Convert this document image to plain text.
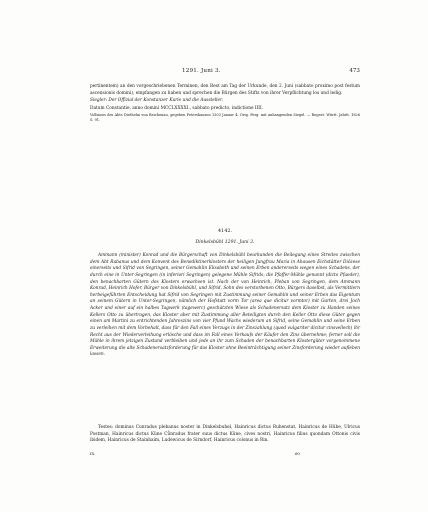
1291. Juni 3.	473

pertinentem) an den vorgeschriebenen Terminen, den Rest am Tag der Urkunde, den 2. Juni (sabbato proximo post festum ascensionis domini), empfangen zu haben und sprechen die Bürgen des Stifts von ihrer Verpflichtung los und ledig.

Siegler: Der Offizial der Konstanzer Kurie und die Aussteller.

Datum Constantie, anno domini MCCLXXXXI., sabbato predicto, indictione IIII.

Vollmoos des Abts Diethelm von Reichenau, gegeben Petershausen 1303 Januar 4. Orig. Perg. mit anhangenden Siegel. — Regest: Württ. Jahrb. 1826 S. 91.

4142.
Dinkelsbühl 1291. Juni 3.

Ammann (minister) Konrad und die Bürgerschaft von Dinkelsbühl beurkunden die Beilegung eines Streites zwischen dem Abt Rabanus und dem Konvent des Benediktinerklosters der heiligen Jungfrau Maria in Ahausen Eichstätter Diözese einerseits und Sifrid von Segringen, seiner Gemahlin Elisabeth und seinen Erben andererseits wegen eines Schadens, der durch eine in Unter-Segringen (in inferiori Segringen) gelegene Mühle Sifrids, die Pfaffer-Mühle genannt (dicto Pfaeder), den benachbarten Gütern des Klosters erwachsen ist. Nach der von Heinrich, Pleban von Segringen, dem Ammann Konrad, Heinrich Hofer, Bürger von Dinkelsbühl, und Sifrid, Sohn des verstorbenen Otto, Bürgers daselbst, als Vermittlern herbeigeführten Entscheidung hat Sifrid von Segringen mit Zustimmung seiner Gemahlin und seiner Erben das Eigentum an seinem Gütern in Unter-Segringen, nämlich der Hofstatt vorm Tor (area que dicitur vormtor) mit Garten, drei Joch Acker und einer auf ein halbes Tagwerk (tagewerc) geschätzten Wiese als Schadenersatz dem Kloster zu Handen seines Kellers Otto zu übertragen, das Kloster aber mit Zustimmung aller Beteiligten durch den Keller Otto diese Güter gegen einen am Martini zu entrichtenden Jahreszins von vier Pfund Wachs wiederum an Sifrid, seine Gemahlin und seine Erben zu verleihen mit dem Vorbehalt, dass für den Fall eines Verzugs in der Zinszahlung (quod vulgariter dicitur cinsvellech) ihr Recht aus der Wiederverleihung erlösche und dass im Fall eines Verkaufs der Käufer den Zins übernehme; ferner soll die Mühle in ihrem jetzigen Zustand verbleiben und jede an ihr zum Schaden der benachbarten Klostergüter vorgenommene Erweiterung die alte Schadenersatzforderung für das Kloster ohne Beeinträchtigung seiner Zinsforderung wieder aufleben lassen.

Testes: dominus Cunradus plebanus noster in Dinkelsbuhel, Hainricus dictus Ruhenstat, Hainricus de Hübe, Ulricus Postman, Hainricus dictus Küne Cůnradus frater suus dictus Küne, cives nostri, Hainricus filius quondam Ottonis civis ibidem, Hainricus de Stainhaim, Ludewicus de Sirndorf, Hainricus colonus in Rin.

IX.	60
